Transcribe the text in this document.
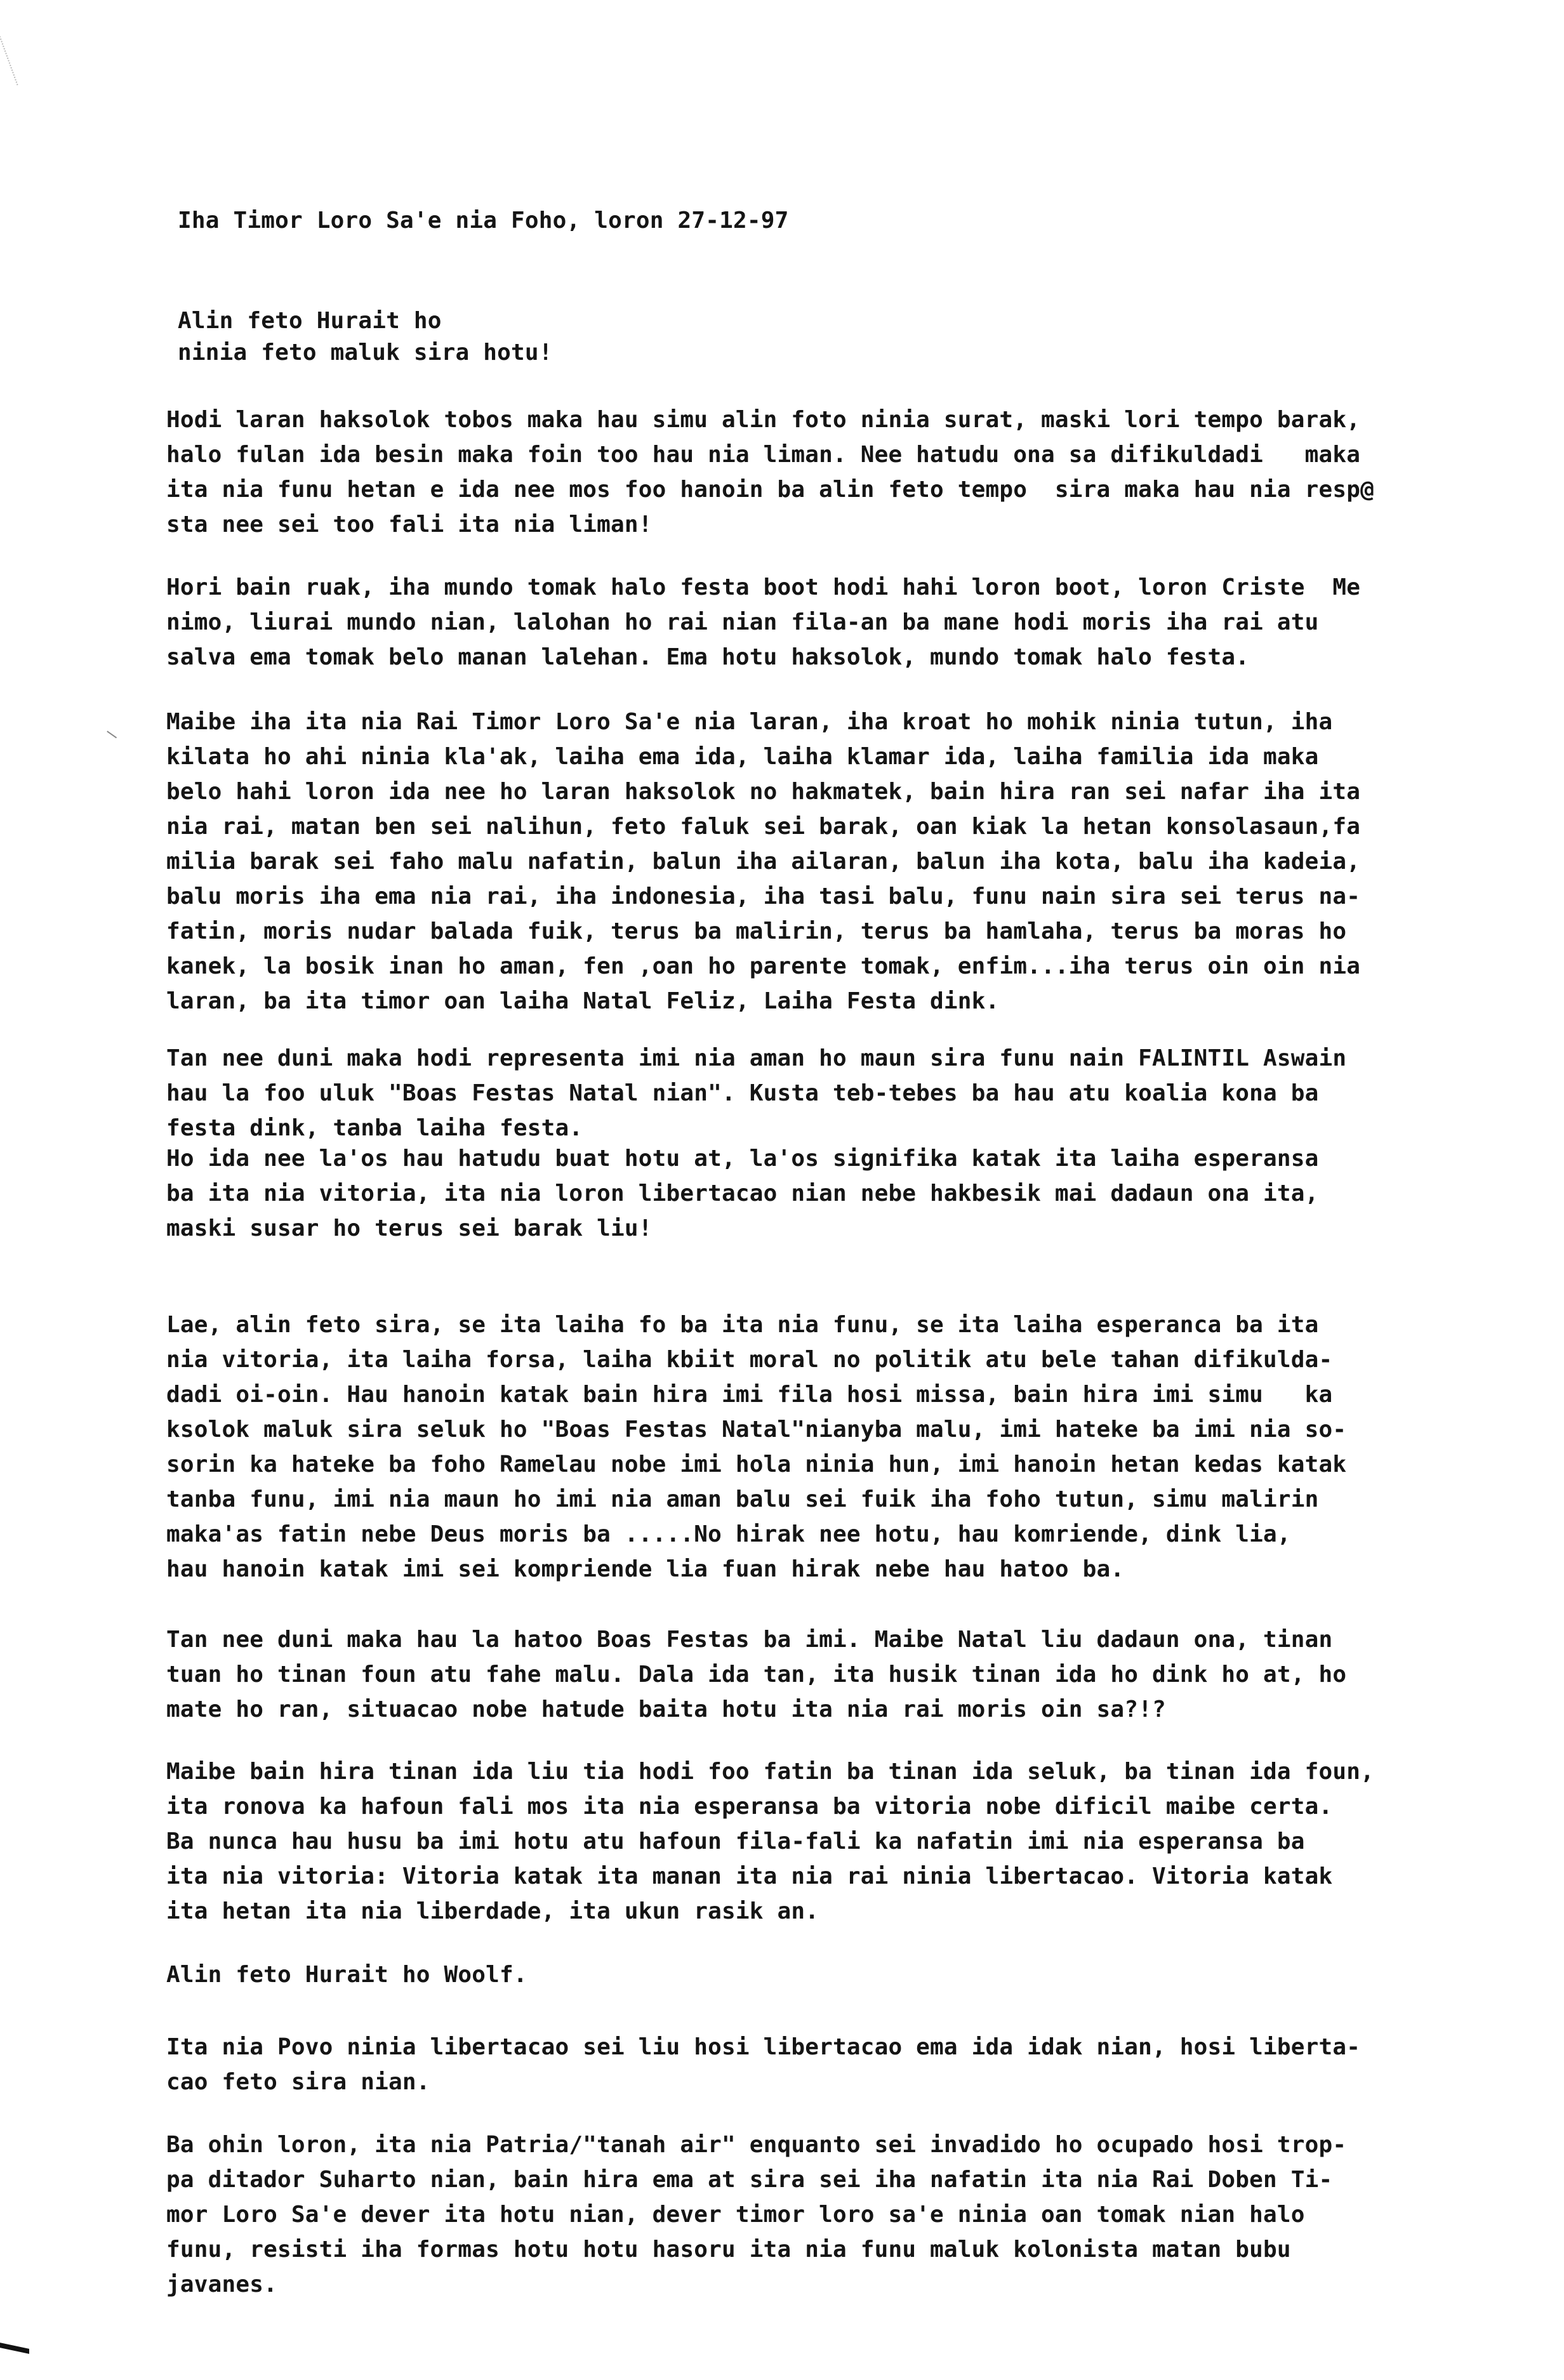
Iha Timor Loro Sa'e nia Foho, loron 27-12-97
Alin feto Hurait ho
ninia feto maluk sira hotu!
Hodi laran haksolok tobos maka hau simu alin foto ninia surat, maski lori tempo barak,
halo fulan ida besin maka foin too hau nia liman. Nee hatudu ona sa difikuldadi   maka
ita nia funu hetan e ida nee mos foo hanoin ba alin feto tempo  sira maka hau nia resp@
sta nee sei too fali ita nia liman!
Hori bain ruak, iha mundo tomak halo festa boot hodi hahi loron boot, loron Criste  Me
nimo, liurai mundo nian, lalohan ho rai nian fila-an ba mane hodi moris iha rai atu
salva ema tomak belo manan lalehan. Ema hotu haksolok, mundo tomak halo festa.
Maibe iha ita nia Rai Timor Loro Sa'e nia laran, iha kroat ho mohik ninia tutun, iha
kilata ho ahi ninia kla'ak, laiha ema ida, laiha klamar ida, laiha familia ida maka
belo hahi loron ida nee ho laran haksolok no hakmatek, bain hira ran sei nafar iha ita
nia rai, matan ben sei nalihun, feto faluk sei barak, oan kiak la hetan konsolasaun,fa
milia barak sei faho malu nafatin, balun iha ailaran, balun iha kota, balu iha kadeia,
balu moris iha ema nia rai, iha indonesia, iha tasi balu, funu nain sira sei terus na-
fatin, moris nudar balada fuik, terus ba malirin, terus ba hamlaha, terus ba moras ho
kanek, la bosik inan ho aman, fen ,oan ho parente tomak, enfim...iha terus oin oin nia
laran, ba ita timor oan laiha Natal Feliz, Laiha Festa dink.
Tan nee duni maka hodi representa imi nia aman ho maun sira funu nain FALINTIL Aswain
hau la foo uluk "Boas Festas Natal nian". Kusta teb-tebes ba hau atu koalia kona ba
festa dink, tanba laiha festa.
Ho ida nee la'os hau hatudu buat hotu at, la'os signifika katak ita laiha esperansa
ba ita nia vitoria, ita nia loron libertacao nian nebe hakbesik mai dadaun ona ita,
maski susar ho terus sei barak liu!
Lae, alin feto sira, se ita laiha fo ba ita nia funu, se ita laiha esperanca ba ita
nia vitoria, ita laiha forsa, laiha kbiit moral no politik atu bele tahan difikulda-
dadi oi-oin. Hau hanoin katak bain hira imi fila hosi missa, bain hira imi simu   ka
ksolok maluk sira seluk ho "Boas Festas Natal"nianyba malu, imi hateke ba imi nia so-
sorin ka hateke ba foho Ramelau nobe imi hola ninia hun, imi hanoin hetan kedas katak
tanba funu, imi nia maun ho imi nia aman balu sei fuik iha foho tutun, simu malirin
maka'as fatin nebe Deus moris ba .....No hirak nee hotu, hau komriende, dink lia,
hau hanoin katak imi sei kompriende lia fuan hirak nebe hau hatoo ba.
Tan nee duni maka hau la hatoo Boas Festas ba imi. Maibe Natal liu dadaun ona, tinan
tuan ho tinan foun atu fahe malu. Dala ida tan, ita husik tinan ida ho dink ho at, ho
mate ho ran, situacao nobe hatude baita hotu ita nia rai moris oin sa?!?
Maibe bain hira tinan ida liu tia hodi foo fatin ba tinan ida seluk, ba tinan ida foun,
ita ronova ka hafoun fali mos ita nia esperansa ba vitoria nobe dificil maibe certa.
Ba nunca hau husu ba imi hotu atu hafoun fila-fali ka nafatin imi nia esperansa ba
ita nia vitoria: Vitoria katak ita manan ita nia rai ninia libertacao. Vitoria katak
ita hetan ita nia liberdade, ita ukun rasik an.
Alin feto Hurait ho Woolf.
Ita nia Povo ninia libertacao sei liu hosi libertacao ema ida idak nian, hosi liberta-
cao feto sira nian.
Ba ohin loron, ita nia Patria/"tanah air" enquanto sei invadido ho ocupado hosi trop-
pa ditador Suharto nian, bain hira ema at sira sei iha nafatin ita nia Rai Doben Ti-
mor Loro Sa'e dever ita hotu nian, dever timor loro sa'e ninia oan tomak nian halo
funu, resisti iha formas hotu hotu hasoru ita nia funu maluk kolonista matan bubu
javanes.
